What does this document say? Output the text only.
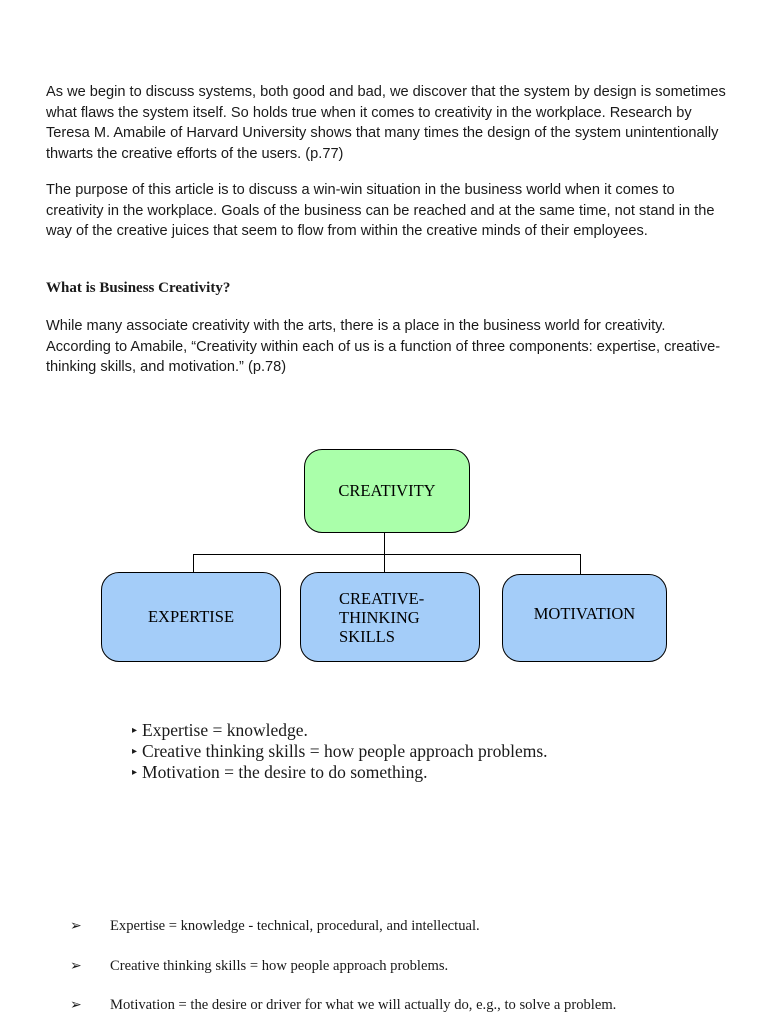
As we begin to discuss systems, both good and bad, we discover that the system by design is sometimes what flaws the system itself. So holds true when it comes to creativity in the workplace. Research by Teresa M. Amabile of Harvard University shows that many times the design of the system unintentionally thwarts the creative efforts of the users. (p.77)

The purpose of this article is to discuss a win-win situation in the business world when it comes to creativity in the workplace. Goals of the business can be reached and at the same time, not stand in the way of the creative juices that seem to flow from within the creative minds of their employees.

What is Business Creativity?

While many associate creativity with the arts, there is a place in the business world for creativity. According to Amabile, “Creativity within each of us is a function of three components: expertise, creative-thinking skills, and motivation.” (p.78)

CREATIVITY
EXPERTISE
CREATIVE-
THINKING
SKILLS
MOTIVATION
▸ Expertise = knowledge.
▸ Creative thinking skills = how people approach problems.
▸ Motivation = the desire to do something.
➢	Expertise = knowledge - technical, procedural, and intellectual.
➢	Creative thinking skills = how people approach problems.
➢	Motivation = the desire or driver for what we will actually do, e.g., to solve a problem.
